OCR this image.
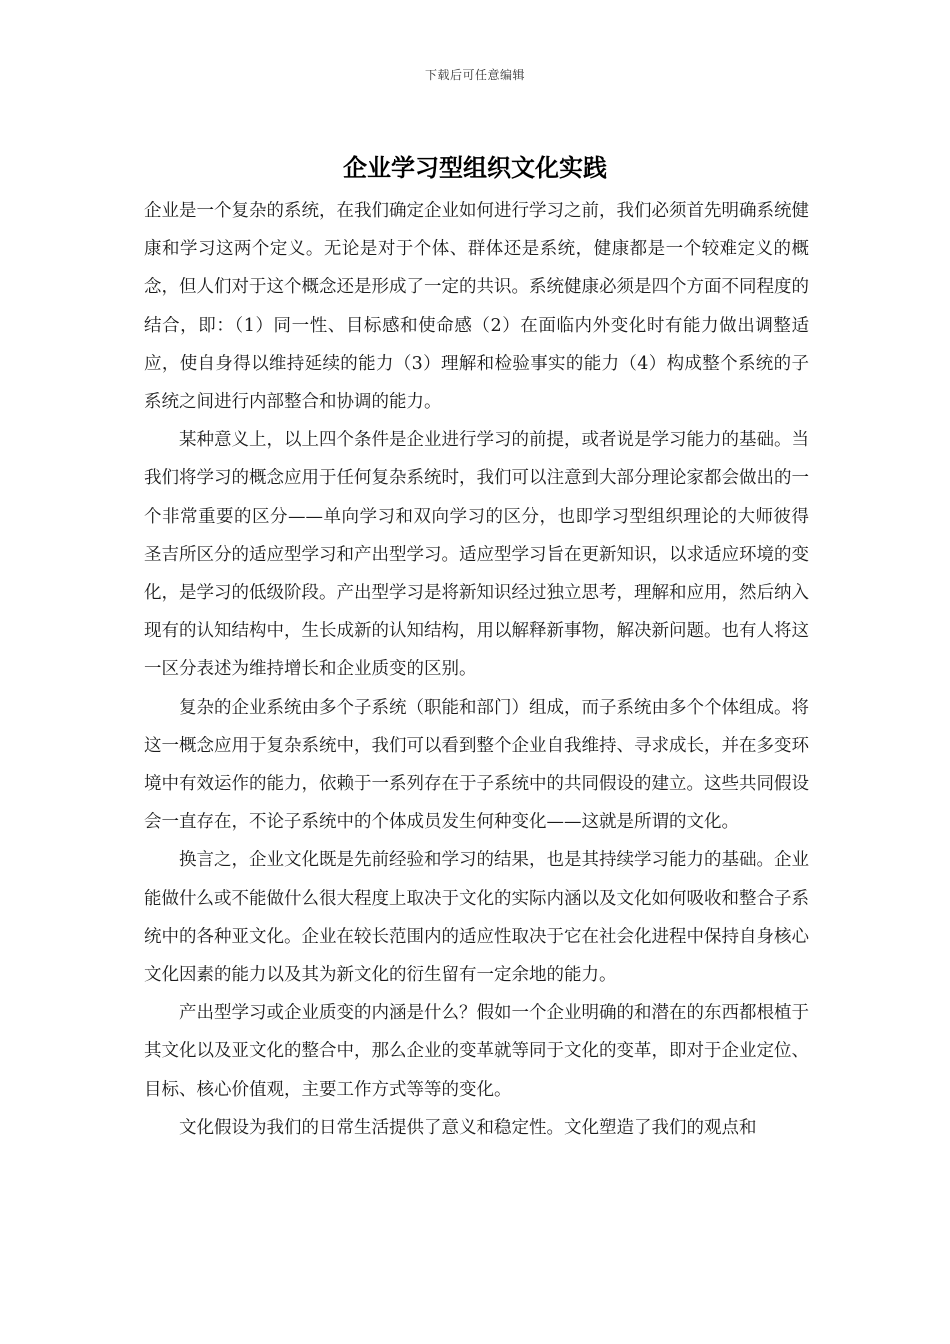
下载后可任意编辑
企业学习型组织文化实践

企业是一个复杂的系统，在我们确定企业如何进行学习之前，我们必须首先明确系统健康和学习这两个定义。无论是对于个体、群体还是系统，健康都是一个较难定义的概念，但人们对于这个概念还是形成了一定的共识。系统健康必须是四个方面不同程度的结合，即：（1）同一性、目标感和使命感（2）在面临内外变化时有能力做出调整适应，使自身得以维持延续的能力（3）理解和检验事实的能力（4）构成整个系统的子系统之间进行内部整合和协调的能力。

某种意义上，以上四个条件是企业进行学习的前提，或者说是学习能力的基础。当我们将学习的概念应用于任何复杂系统时，我们可以注意到大部分理论家都会做出的一个非常重要的区分——单向学习和双向学习的区分，也即学习型组织理论的大师彼得 圣吉所区分的适应型学习和产出型学习。适应型学习旨在更新知识，以求适应环境的变化，是学习的低级阶段。产出型学习是将新知识经过独立思考，理解和应用，然后纳入现有的认知结构中，生长成新的认知结构，用以解释新事物，解决新问题。也有人将这一区分表述为维持增长和企业质变的区别。

复杂的企业系统由多个子系统（职能和部门）组成，而子系统由多个个体组成。将这一概念应用于复杂系统中，我们可以看到整个企业自我维持、寻求成长，并在多变环境中有效运作的能力，依赖于一系列存在于子系统中的共同假设的建立。这些共同假设会一直存在，不论子系统中的个体成员发生何种变化——这就是所谓的文化。

换言之，企业文化既是先前经验和学习的结果，也是其持续学习能力的基础。企业能做什么或不能做什么很大程度上取决于文化的实际内涵以及文化如何吸收和整合子系统中的各种亚文化。企业在较长范围内的适应性取决于它在社会化进程中保持自身核心文化因素的能力以及其为新文化的衍生留有一定余地的能力。

产出型学习或企业质变的内涵是什么？假如一个企业明确的和潜在的东西都根植于其文化以及亚文化的整合中，那么企业的变革就等同于文化的变革，即对于企业定位、目标、核心价值观，主要工作方式等等的变化。

文化假设为我们的日常生活提供了意义和稳定性。文化塑造了我们的观点和
